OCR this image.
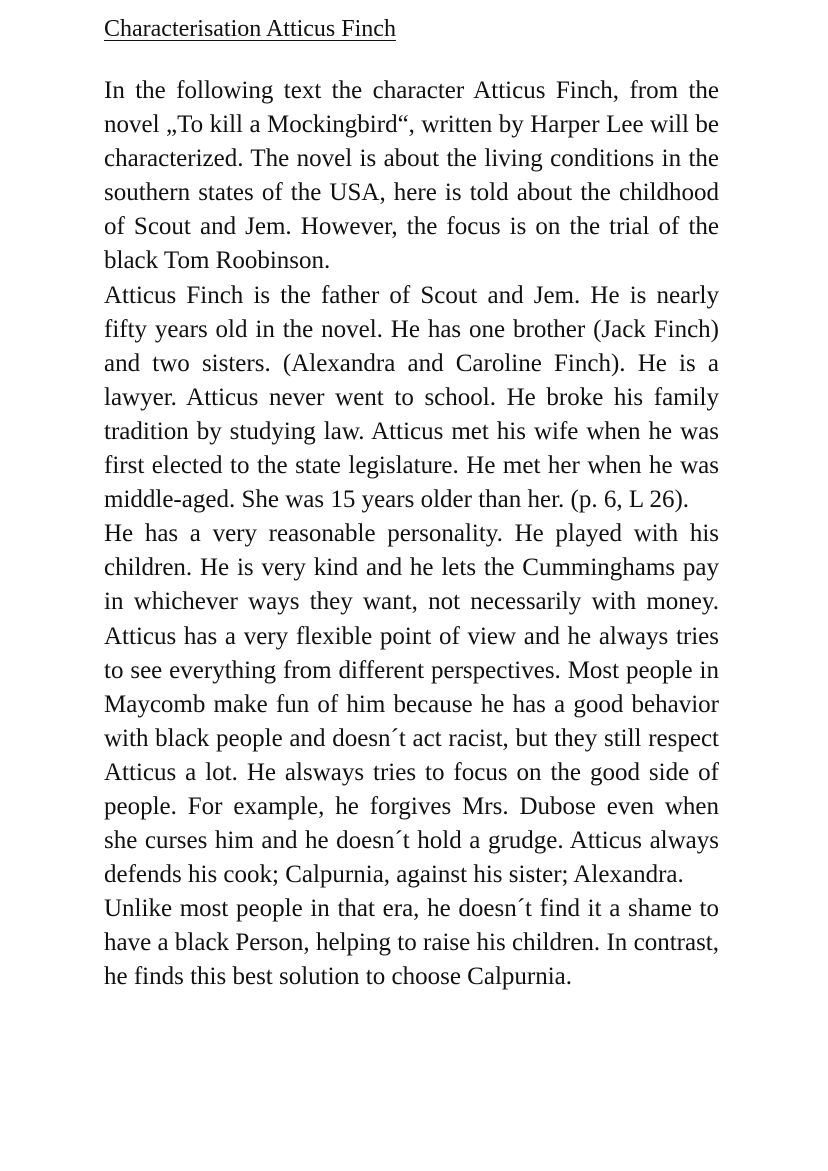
Characterisation Atticus Finch

In the following text the character Atticus Finch, from the novel „To kill a Mockingbird“, written by Harper Lee will be characterized. The novel is about the living conditions in the southern states of the USA, here is told about the childhood of Scout and Jem. However, the focus is on the trial of the black Tom Roobinson.

Atticus Finch is the father of Scout and Jem. He is nearly fifty years old in the novel. He has one brother (Jack Finch) and two sisters. (Alexandra and Caroline Finch). He is a lawyer. Atticus never went to school. He broke his family tradition by studying law. Atticus met his wife when he was first elected to the state legislature. He met her when he was middle-aged. She was 15 years older than her. (p. 6, L 26).

He has a very reasonable personality. He played with his children. He is very kind and he lets the Cumminghams pay in whichever ways they want, not necessarily with money. Atticus has a very flexible point of view and he always tries to see everything from different perspectives. Most people in Maycomb make fun of him because he has a good behavior with black people and doesn´t act racist, but they still respect Atticus a lot. He alsways tries to focus on the good side of people. For example, he forgives Mrs. Dubose even when she curses him and he doesn´t hold a grudge. Atticus always defends his cook; Calpurnia, against his sister; Alexandra.

Unlike most people in that era, he doesn´t find it a shame to have a black Person, helping to raise his children. In contrast, he finds this best solution to choose Calpurnia.
